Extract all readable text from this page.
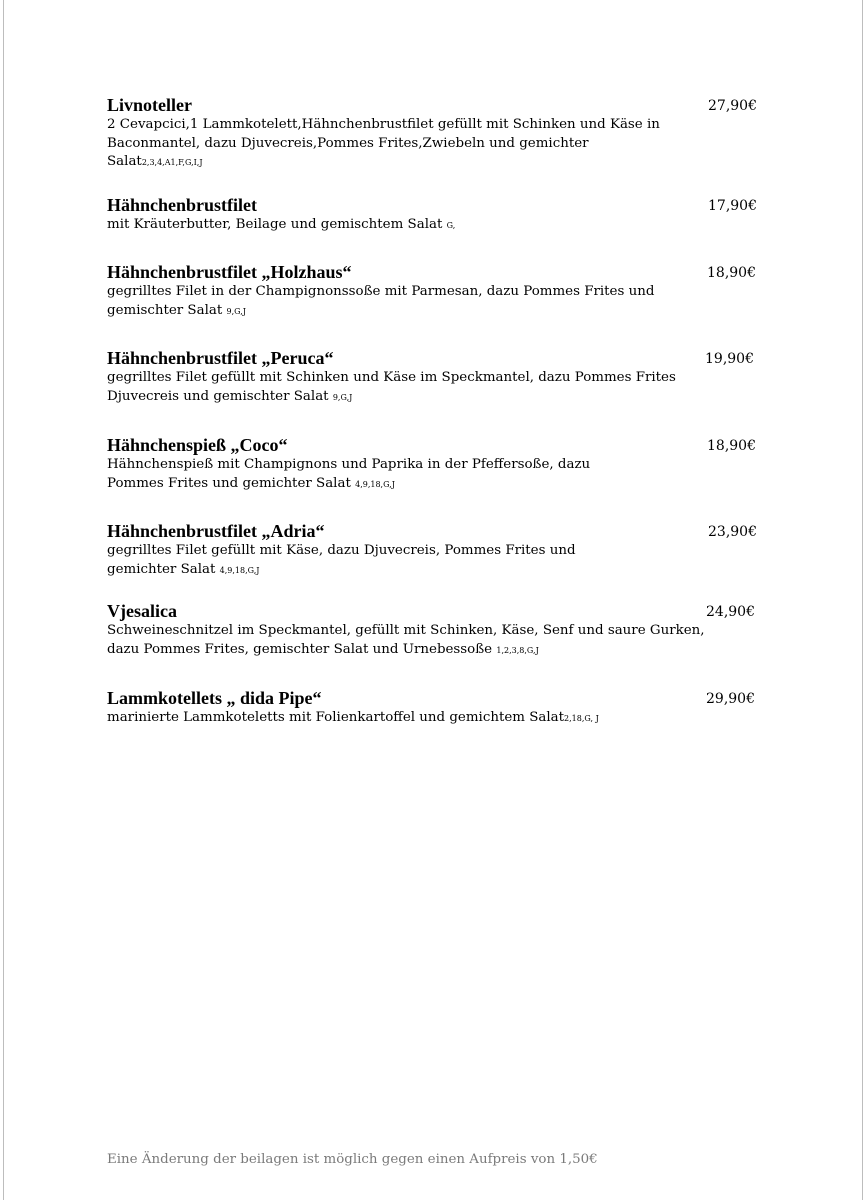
Livnoteller	27,90€
2 Cevapcici,1 Lammkotelett,Hähnchenbrustfilet gefüllt mit Schinken und Käse in Baconmantel, dazu Djuvecreis,Pommes Frites,Zwiebeln und gemichter Salat2,3,4,A1,F,G,I,J
Hähnchenbrustfilet	17,90€
mit Kräuterbutter, Beilage und gemischtem Salat G,
Hähnchenbrustfilet „Holzhaus“	18,90€
gegrilltes Filet in der Champignonssoße mit Parmesan, dazu Pommes Frites und gemischter Salat 9,G,J
Hähnchenbrustfilet „Peruca“	19,90€
gegrilltes Filet gefüllt mit Schinken und Käse im Speckmantel, dazu Pommes Frites Djuvecreis und gemischter Salat 9,G,J
Hähnchenspieß „Coco“	18,90€
Hähnchenspieß mit Champignons und Paprika in der Pfeffersoße, dazu Pommes Frites und gemichter Salat 4,9,18,G,J
Hähnchenbrustfilet „Adria“	23,90€
gegrilltes Filet gefüllt mit Käse, dazu Djuvecreis, Pommes Frites und gemichter Salat 4,9,18,G,J
Vjesalica	24,90€
Schweineschnitzel im Speckmantel, gefüllt mit Schinken, Käse, Senf und saure Gurken, dazu Pommes Frites, gemischter Salat und Urnebessoße 1,2,3,8,G,J
Lammkotellets „ dida Pipe“	29,90€
marinierte Lammkoteletts mit Folienkartoffel und gemichtem Salat2,18,G, J
Eine Änderung der beilagen ist möglich gegen einen Aufpreis von 1,50€
